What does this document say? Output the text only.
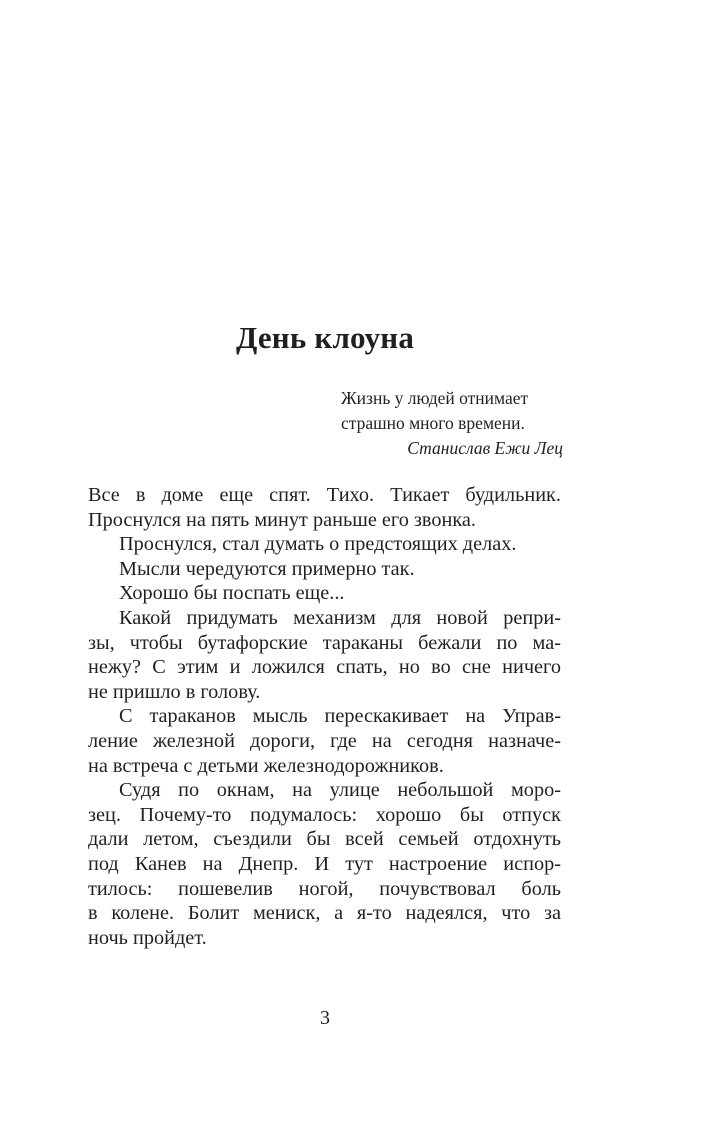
День клоуна
Жизнь у людей отнимает
страшно много времени.
Станислав Ежи Лец
Все в доме еще спят. Тихо. Тикает будильник.
Проснулся на пять минут раньше его звонка.
Проснулся, стал думать о предстоящих делах.
Мысли чередуются примерно так.
Хорошо бы поспать еще...
Какой придумать механизм для новой репри-
зы, чтобы бутафорские тараканы бежали по ма-
нежу? С этим и ложился спать, но во сне ничего
не пришло в голову.
С тараканов мысль перескакивает на Управ-
ление железной дороги, где на сегодня назначе-
на встреча с детьми железнодорожников.
Судя по окнам, на улице небольшой моро-
зец. Почему-то подумалось: хорошо бы отпуск
дали летом, съездили бы всей семьей отдохнуть
под Канев на Днепр. И тут настроение испор-
тилось: пошевелив ногой, почувствовал боль
в колене. Болит мениск, а я-то надеялся, что за
ночь пройдет.
3
